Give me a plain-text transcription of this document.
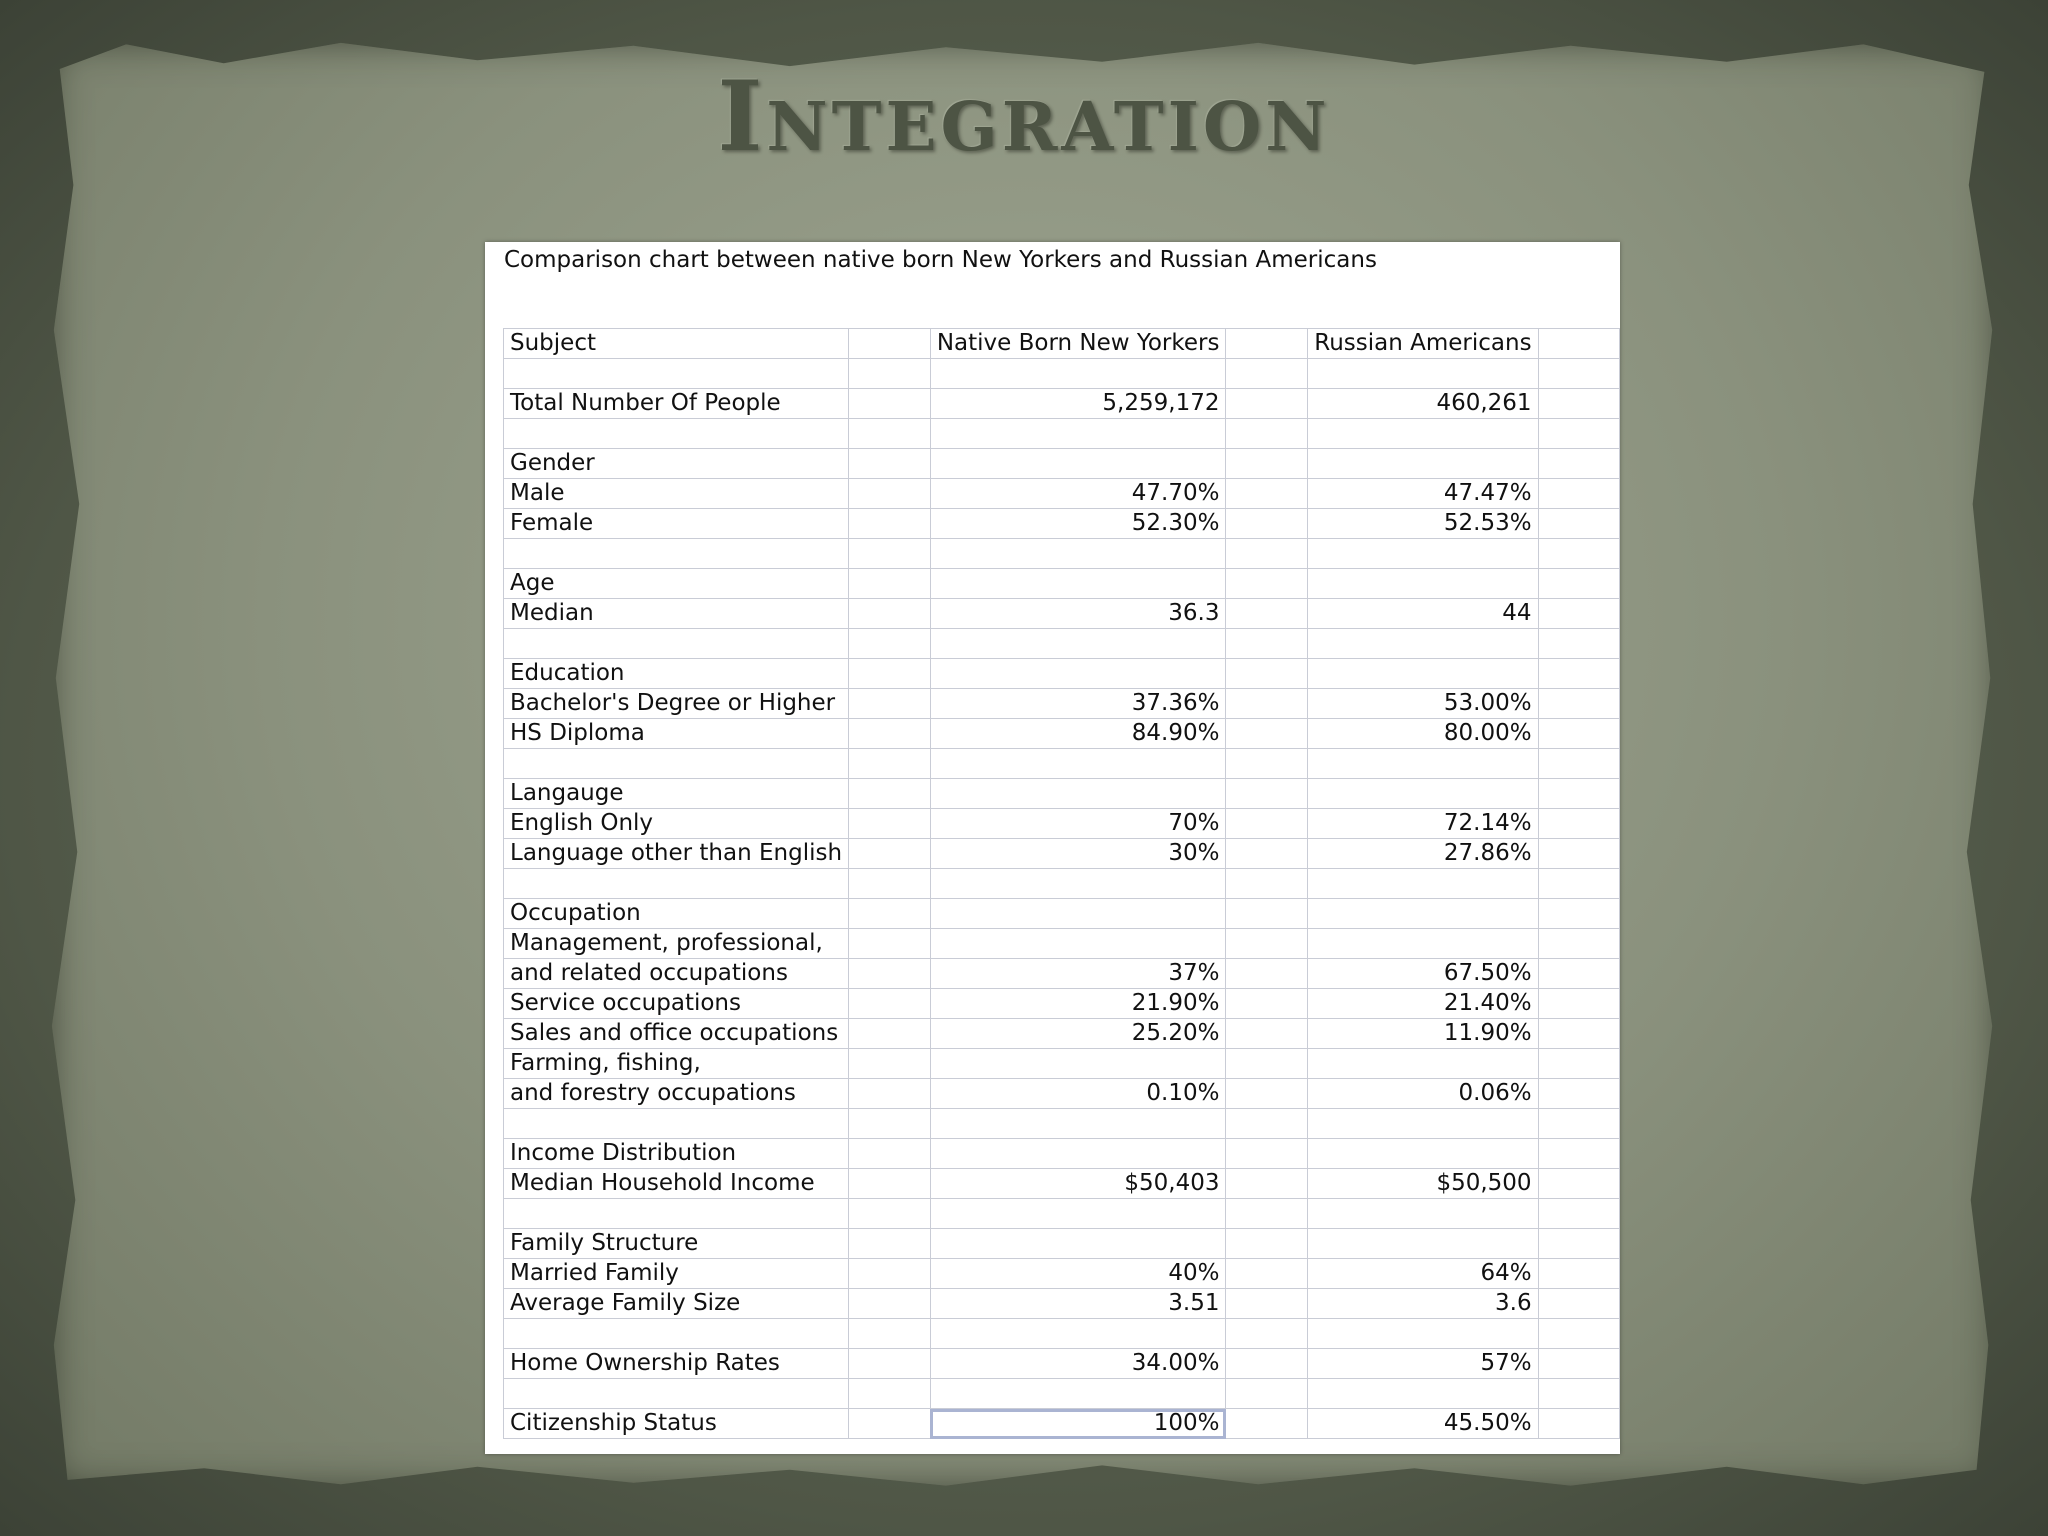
Integration
Comparison chart between native born New Yorkers and Russian Americans
Subject		Native Born New Yorkers		Russian Americans	

Total Number Of People		5,259,172		460,261	

Gender					
Male		47.70%		47.47%	
Female		52.30%		52.53%	

Age					
Median		36.3		44	

Education					
Bachelor's Degree or Higher		37.36%		53.00%	
HS Diploma		84.90%		80.00%	

Langauge					
English Only		70%		72.14%	
Language other than English		30%		27.86%	

Occupation					
Management, professional,					
and related occupations		37%		67.50%	
Service occupations		21.90%		21.40%	
Sales and office occupations		25.20%		11.90%	
Farming, fishing,					
and forestry occupations		0.10%		0.06%	

Income Distribution					
Median Household Income		$50,403		$50,500	

Family Structure					
Married Family		40%		64%	
Average Family Size		3.51		3.6	

Home Ownership Rates		34.00%		57%	

Citizenship Status		100%		45.50%	
